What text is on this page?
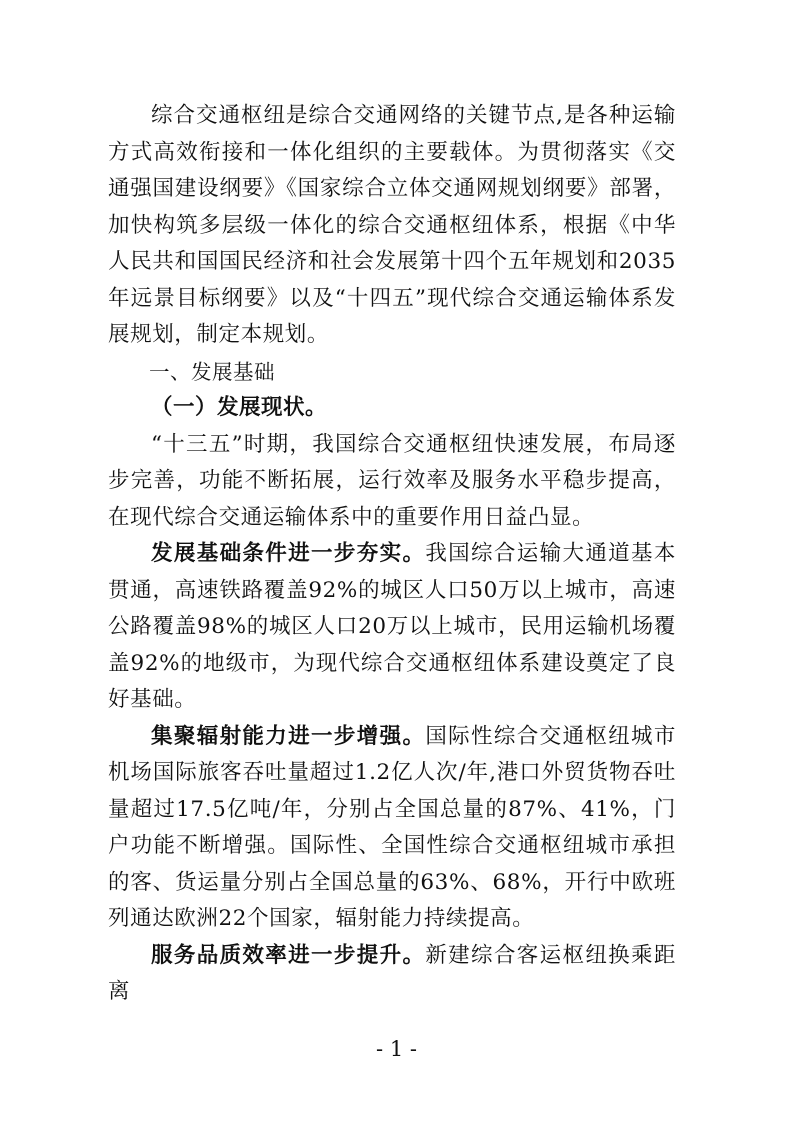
综合交通枢纽是综合交通网络的关键节点,是各种运输方式高效衔接和一体化组织的主要载体。为贯彻落实《交通强国建设纲要》《国家综合立体交通网规划纲要》部署，加快构筑多层级一体化的综合交通枢纽体系，根据《中华人民共和国国民经济和社会发展第十四个五年规划和2035年远景目标纲要》以及“十四五”现代综合交通运输体系发展规划，制定本规划。

一、发展基础
（一）发展现状。

“十三五”时期，我国综合交通枢纽快速发展，布局逐步完善，功能不断拓展，运行效率及服务水平稳步提高，在现代综合交通运输体系中的重要作用日益凸显。

发展基础条件进一步夯实。我国综合运输大通道基本贯通，高速铁路覆盖92%的城区人口50万以上城市，高速公路覆盖98%的城区人口20万以上城市，民用运输机场覆盖92%的地级市，为现代综合交通枢纽体系建设奠定了良好基础。

集聚辐射能力进一步增强。国际性综合交通枢纽城市机场国际旅客吞吐量超过1.2亿人次/年,港口外贸货物吞吐量超过17.5亿吨/年，分别占全国总量的87%、41%，门户功能不断增强。国际性、全国性综合交通枢纽城市承担的客、货运量分别占全国总量的63%、68%，开行中欧班列通达欧洲22个国家，辐射能力持续提高。

服务品质效率进一步提升。新建综合客运枢纽换乘距离

- 1 -
